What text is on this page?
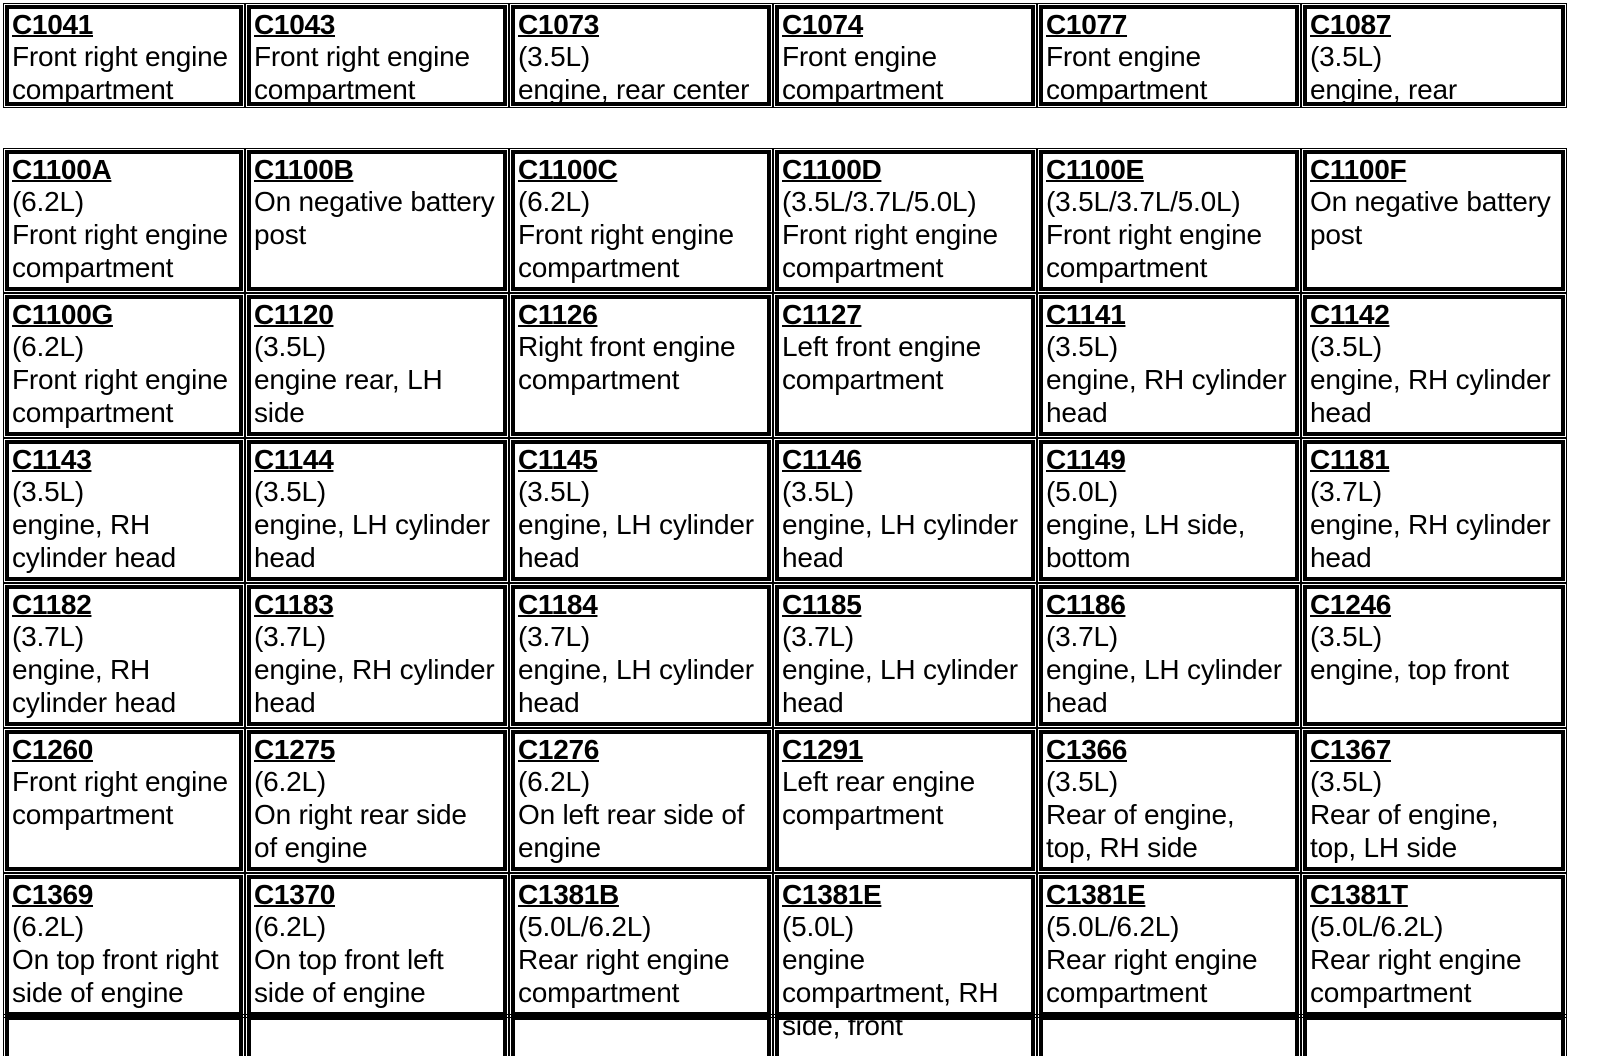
C1041
Front right engine
compartment
C1043
Front right engine
compartment
C1073
(3.5L)
engine, rear center
C1074
Front engine
compartment
C1077
Front engine
compartment
C1087
(3.5L)
engine, rear
C1100A
(6.2L)
Front right engine
compartment
C1100B
On negative battery
post
C1100C
(6.2L)
Front right engine
compartment
C1100D
(3.5L/3.7L/5.0L)
Front right engine
compartment
C1100E
(3.5L/3.7L/5.0L)
Front right engine
compartment
C1100F
On negative battery
post
C1100G
(6.2L)
Front right engine
compartment
C1120
(3.5L)
engine rear, LH
side
C1126
Right front engine
compartment
C1127
Left front engine
compartment
C1141
(3.5L)
engine, RH cylinder
head
C1142
(3.5L)
engine, RH cylinder
head
C1143
(3.5L)
engine, RH
cylinder head
C1144
(3.5L)
engine, LH cylinder
head
C1145
(3.5L)
engine, LH cylinder
head
C1146
(3.5L)
engine, LH cylinder
head
C1149
(5.0L)
engine, LH side,
bottom
C1181
(3.7L)
engine, RH cylinder
head
C1182
(3.7L)
engine, RH
cylinder head
C1183
(3.7L)
engine, RH cylinder
head
C1184
(3.7L)
engine, LH cylinder
head
C1185
(3.7L)
engine, LH cylinder
head
C1186
(3.7L)
engine, LH cylinder
head
C1246
(3.5L)
engine, top front
C1260
Front right engine
compartment
C1275
(6.2L)
On right rear side
of engine
C1276
(6.2L)
On left rear side of
engine
C1291
Left rear engine
compartment
C1366
(3.5L)
Rear of engine,
top, RH side
C1367
(3.5L)
Rear of engine,
top, LH side
C1369
(6.2L)
On top front right
side of engine
C1370
(6.2L)
On top front left
side of engine
C1381B
(5.0L/6.2L)
Rear right engine
compartment
C1381E
(5.0L)
engine
compartment, RH
side, front
C1381E
(5.0L/6.2L)
Rear right engine
compartment
C1381T
(5.0L/6.2L)
Rear right engine
compartment
